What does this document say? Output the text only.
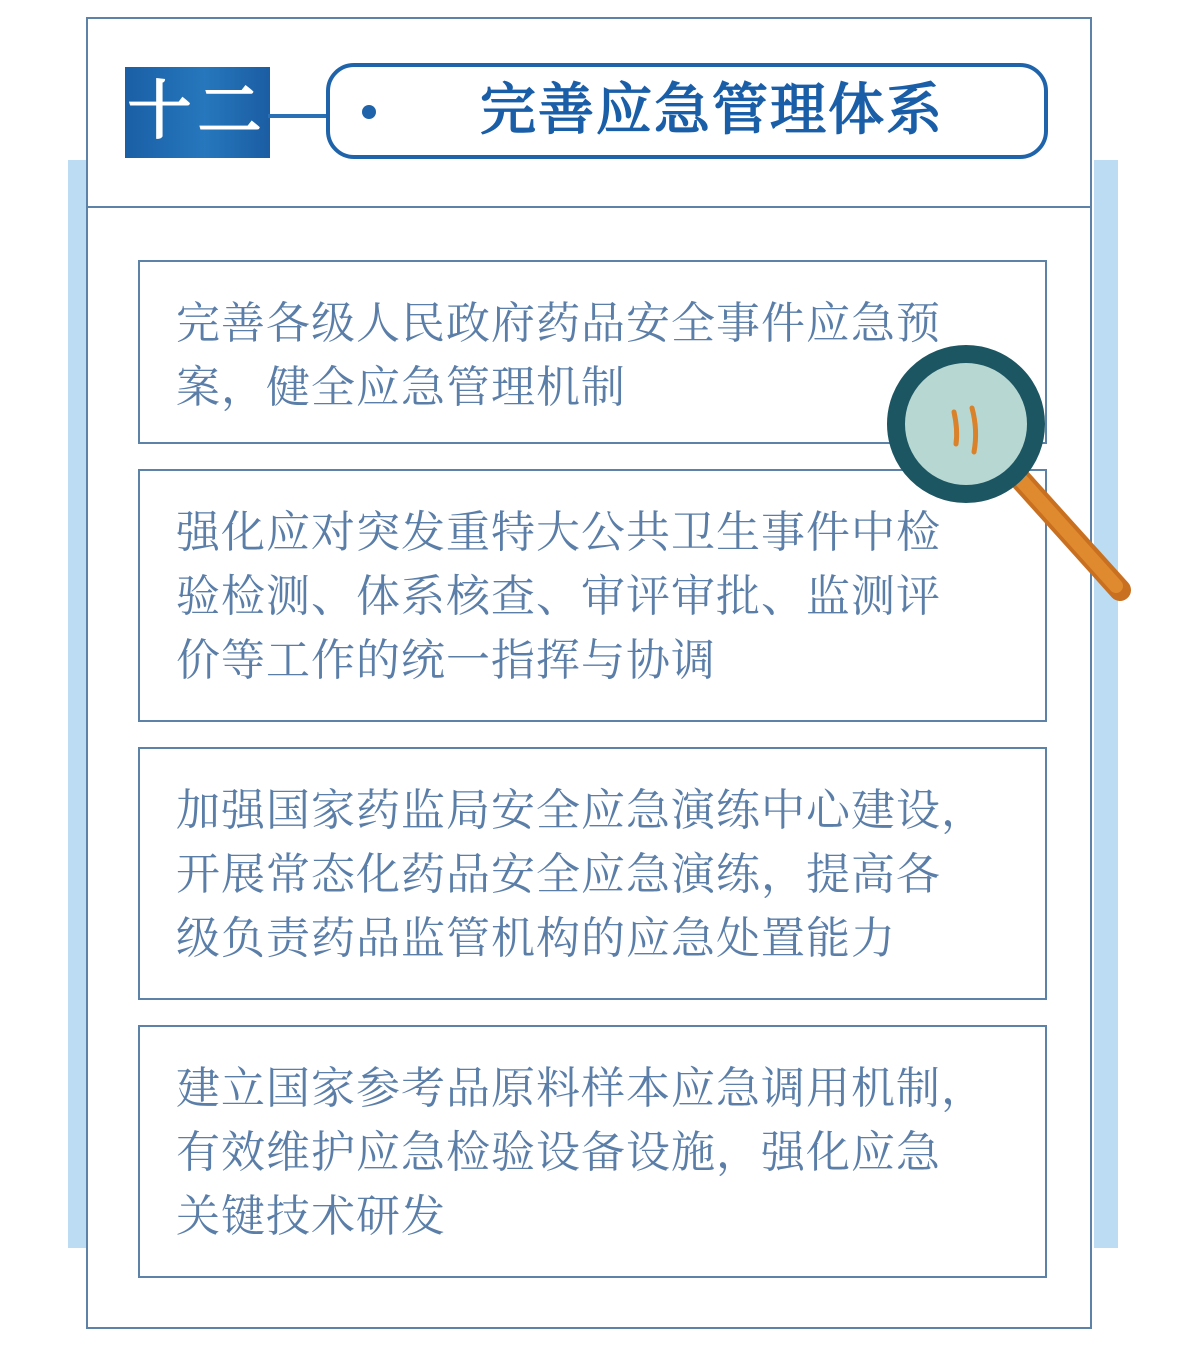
十二	完善应急管理体系
完善各级人民政府药品安全事件应急预
案，健全应急管理机制
强化应对突发重特大公共卫生事件中检
验检测、体系核查、审评审批、监测评
价等工作的统一指挥与协调
加强国家药监局安全应急演练中心建设，
开展常态化药品安全应急演练，提高各
级负责药品监管机构的应急处置能力
建立国家参考品原料样本应急调用机制，
有效维护应急检验设备设施，强化应急
关键技术研发
